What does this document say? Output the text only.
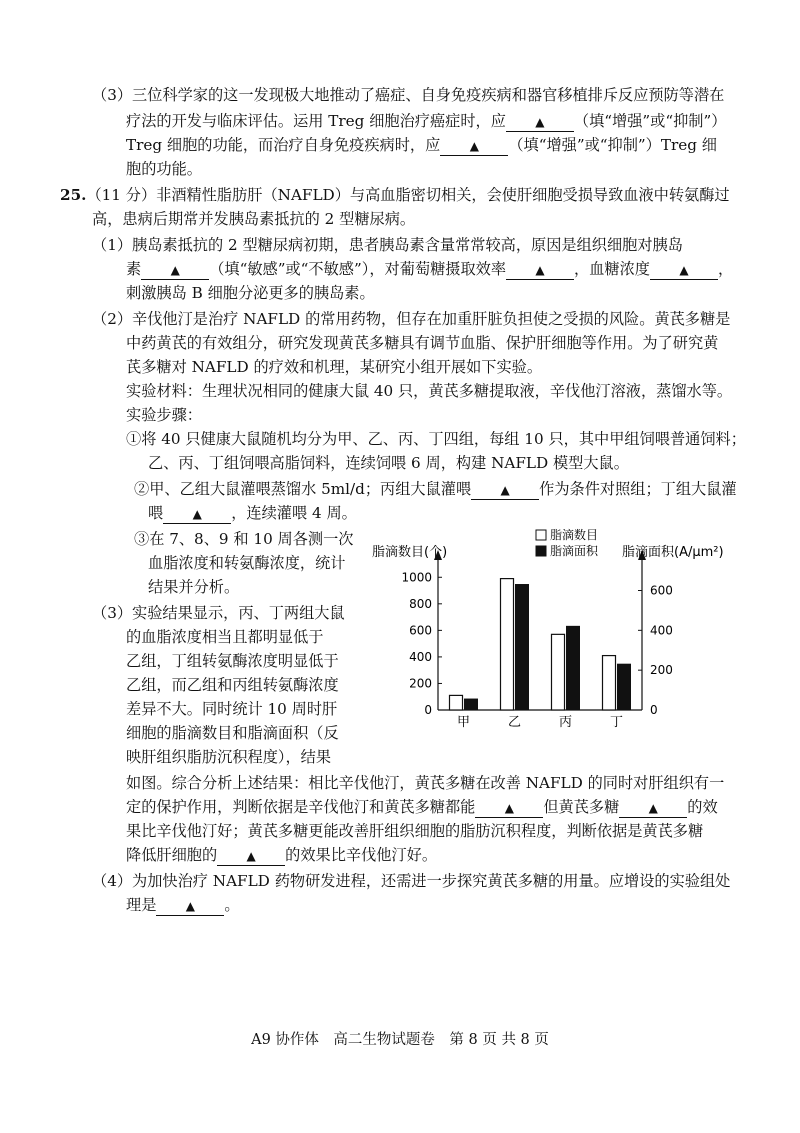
（3）三位科学家的这一发现极大地推动了癌症、自身免疫疾病和器官移植排斥反应预防等潜在
疗法的开发与临床评估。运用 Treg 细胞治疗癌症时，应 ▲ （填“增强”或“抑制”）
Treg 细胞的功能，而治疗自身免疫疾病时，应 ▲ （填“增强”或“抑制”）Treg 细
胞的功能。
25.（11 分）非酒精性脂肪肝（NAFLD）与高血脂密切相关，会使肝细胞受损导致血液中转氨酶过
高，患病后期常并发胰岛素抵抗的 2 型糖尿病。
（1）胰岛素抵抗的 2 型糖尿病初期，患者胰岛素含量常常较高，原因是组织细胞对胰岛
素 ▲ （填“敏感”或“不敏感”），对葡萄糖摄取效率 ▲ ，血糖浓度 ▲ ，
刺激胰岛 B 细胞分泌更多的胰岛素。
（2）辛伐他汀是治疗 NAFLD 的常用药物，但存在加重肝脏负担使之受损的风险。黄芪多糖是
中药黄芪的有效组分，研究发现黄芪多糖具有调节血脂、保护肝细胞等作用。为了研究黄
芪多糖对 NAFLD 的疗效和机理，某研究小组开展如下实验。
实验材料：生理状况相同的健康大鼠 40 只，黄芪多糖提取液，辛伐他汀溶液，蒸馏水等。
实验步骤：
①将 40 只健康大鼠随机均分为甲、乙、丙、丁四组，每组 10 只，其中甲组饲喂普通饲料；
乙、丙、丁组饲喂高脂饲料，连续饲喂 6 周，构建 NAFLD 模型大鼠。
②甲、乙组大鼠灌喂蒸馏水 5ml/d；丙组大鼠灌喂 ▲ 作为条件对照组；丁组大鼠灌
喂 ▲ ，连续灌喂 4 周。
③在 7、8、9 和 10 周各测一次
血脂浓度和转氨酶浓度，统计
结果并分析。
（3）实验结果显示，丙、丁两组大鼠
的血脂浓度相当且都明显低于
乙组，丁组转氨酶浓度明显低于
乙组，而乙组和丙组转氨酶浓度
差异不大。同时统计 10 周时肝
细胞的脂滴数目和脂滴面积（反
映肝组织脂肪沉积程度），结果
如图。综合分析上述结果：相比辛伐他汀，黄芪多糖在改善 NAFLD 的同时对肝组织有一
定的保护作用，判断依据是辛伐他汀和黄芪多糖都能 ▲ 但黄芪多糖 ▲ 的效
果比辛伐他汀好；黄芪多糖更能改善肝组织细胞的脂肪沉积程度，判断依据是黄芪多糖
降低肝细胞的 ▲ 的效果比辛伐他汀好。
（4）为加快治疗 NAFLD 药物研发进程，还需进一步探究黄芪多糖的用量。应增设的实验组处
理是 ▲ 。
0
200
400
600
800
1000
0
200
400
600
脂滴数目(个)	脂滴面积(A/μm²)
脂滴数目
脂滴面积
甲	乙	丙	丁
A9 协作体　高二生物试题卷　第 8 页 共 8 页
